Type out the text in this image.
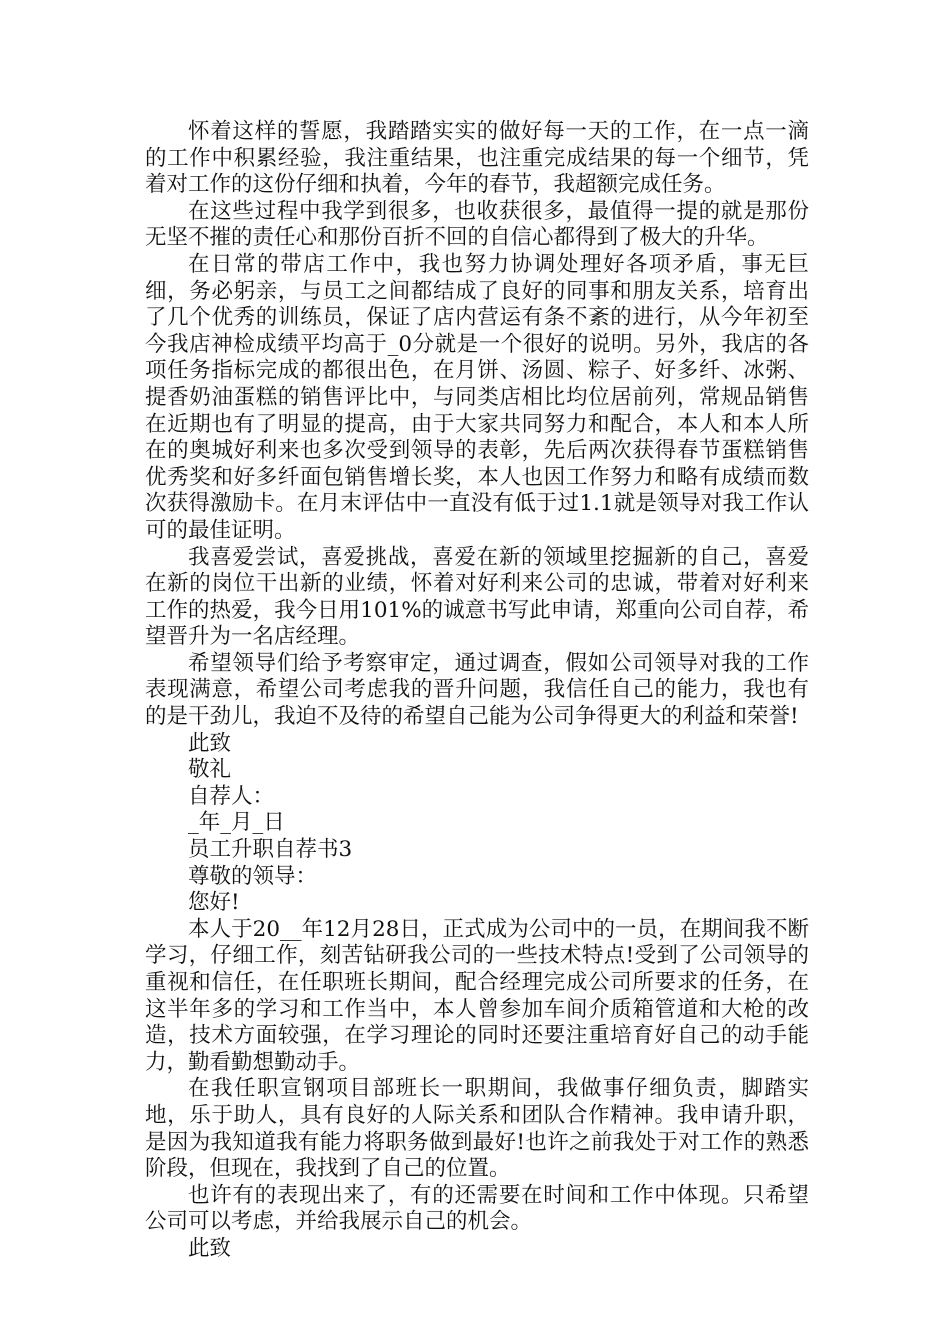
怀着这样的誓愿，我踏踏实实的做好每一天的工作，在一点一滴的工作中积累经验，我注重结果，也注重完成结果的每一个细节，凭着对工作的这份仔细和执着，今年的春节，我超额完成任务。

在这些过程中我学到很多，也收获很多，最值得一提的就是那份无坚不摧的责任心和那份百折不回的自信心都得到了极大的升华。

在日常的带店工作中，我也努力协调处理好各项矛盾，事无巨细，务必躬亲，与员工之间都结成了良好的同事和朋友关系，培育出了几个优秀的训练员，保证了店内营运有条不紊的进行，从今年初至今我店神检成绩平均高于_0分就是一个很好的说明。另外，我店的各项任务指标完成的都很出色，在月饼、汤圆、粽子、好多纤、冰粥、提香奶油蛋糕的销售评比中，与同类店相比均位居前列，常规品销售在近期也有了明显的提高，由于大家共同努力和配合，本人和本人所在的奥城好利来也多次受到领导的表彰，先后两次获得春节蛋糕销售优秀奖和好多纤面包销售增长奖，本人也因工作努力和略有成绩而数次获得激励卡。在月末评估中一直没有低于过1.1就是领导对我工作认可的最佳证明。

我喜爱尝试，喜爱挑战，喜爱在新的领域里挖掘新的自己，喜爱在新的岗位干出新的业绩，怀着对好利来公司的忠诚，带着对好利来工作的热爱，我今日用101%的诚意书写此申请，郑重向公司自荐，希望晋升为一名店经理。

希望领导们给予考察审定，通过调查，假如公司领导对我的工作表现满意，希望公司考虑我的晋升问题，我信任自己的能力，我也有的是干劲儿，我迫不及待的希望自己能为公司争得更大的利益和荣誉!

此致
敬礼
自荐人：
_年_月_日
员工升职自荐书3
尊敬的领导：
您好!

本人于20__年12月28日，正式成为公司中的一员，在期间我不断学习，仔细工作，刻苦钻研我公司的一些技术特点!受到了公司领导的重视和信任，在任职班长期间，配合经理完成公司所要求的任务，在这半年多的学习和工作当中，本人曾参加车间介质箱管道和大枪的改造，技术方面较强，在学习理论的同时还要注重培育好自己的动手能力，勤看勤想勤动手。

在我任职宣钢项目部班长一职期间，我做事仔细负责，脚踏实地，乐于助人，具有良好的人际关系和团队合作精神。我申请升职，是因为我知道我有能力将职务做到最好!也许之前我处于对工作的熟悉阶段，但现在，我找到了自己的位置。

也许有的表现出来了，有的还需要在时间和工作中体现。只希望公司可以考虑，并给我展示自己的机会。

此致
